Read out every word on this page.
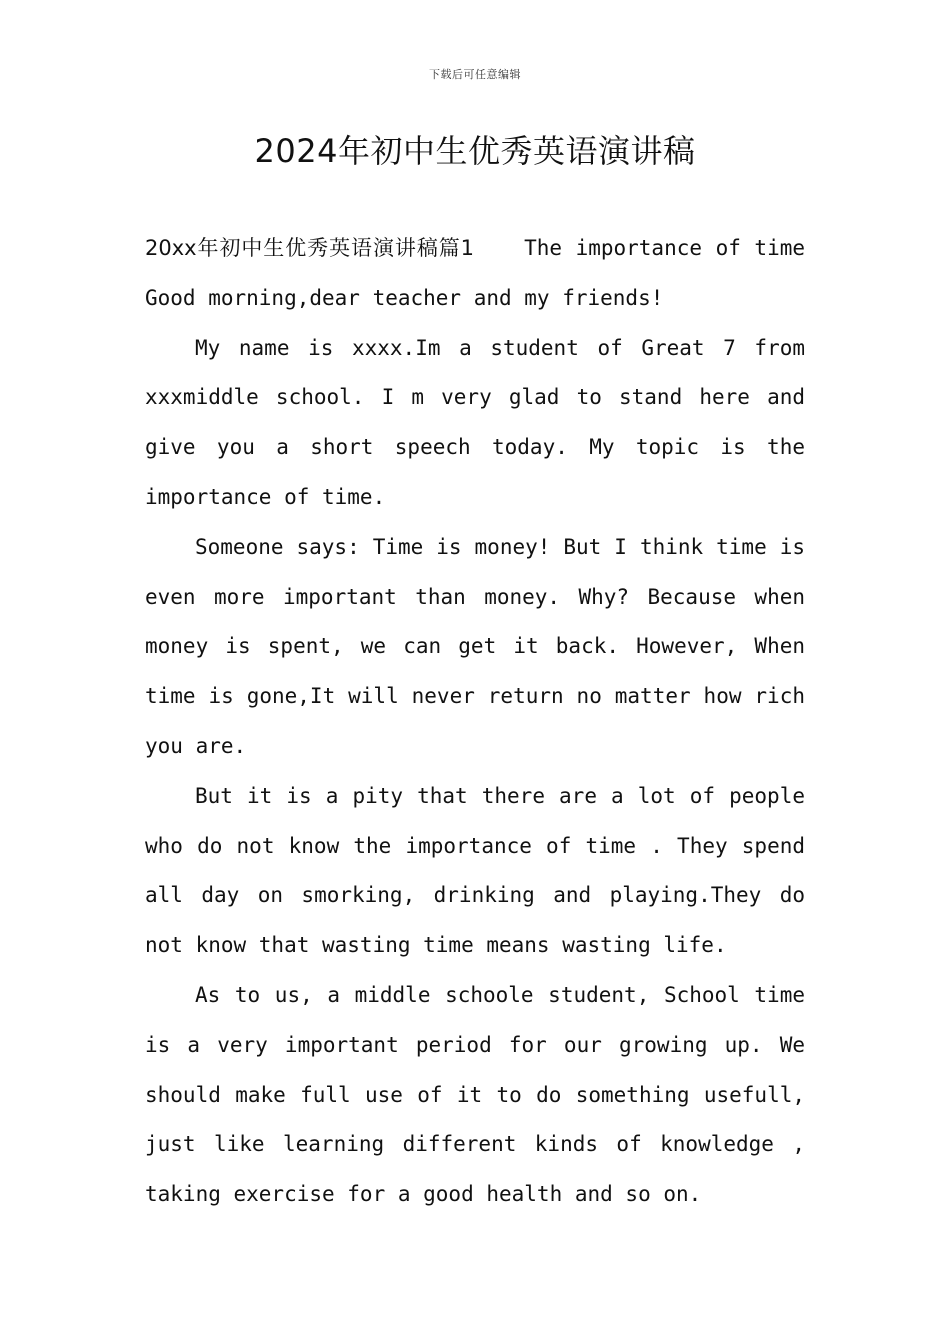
下载后可任意编辑
2024年初中生优秀英语演讲稿

20xx年初中生优秀英语演讲稿篇1 The importance of time Good morning,dear teacher and my friends!

My name is xxxx.Im a student of Great 7 from xxxmiddle school. I m very glad to stand here and give you a short speech today. My topic is the importance of time.

Someone says: Time is money! But I think time is even more important than money. Why? Because when money is spent, we can get it back. However, When time is gone,It will never return no matter how rich you are.

But it is a pity that there are a lot of people who do not know the importance of time . They spend all day on smorking, drinking and playing.They do not know that wasting time means wasting life.

As to us, a middle schoole student, School time is a very important period for our growing up. We should make full use of it to do something usefull, just like learning different kinds of knowledge , taking exercise for a good health and so on.
